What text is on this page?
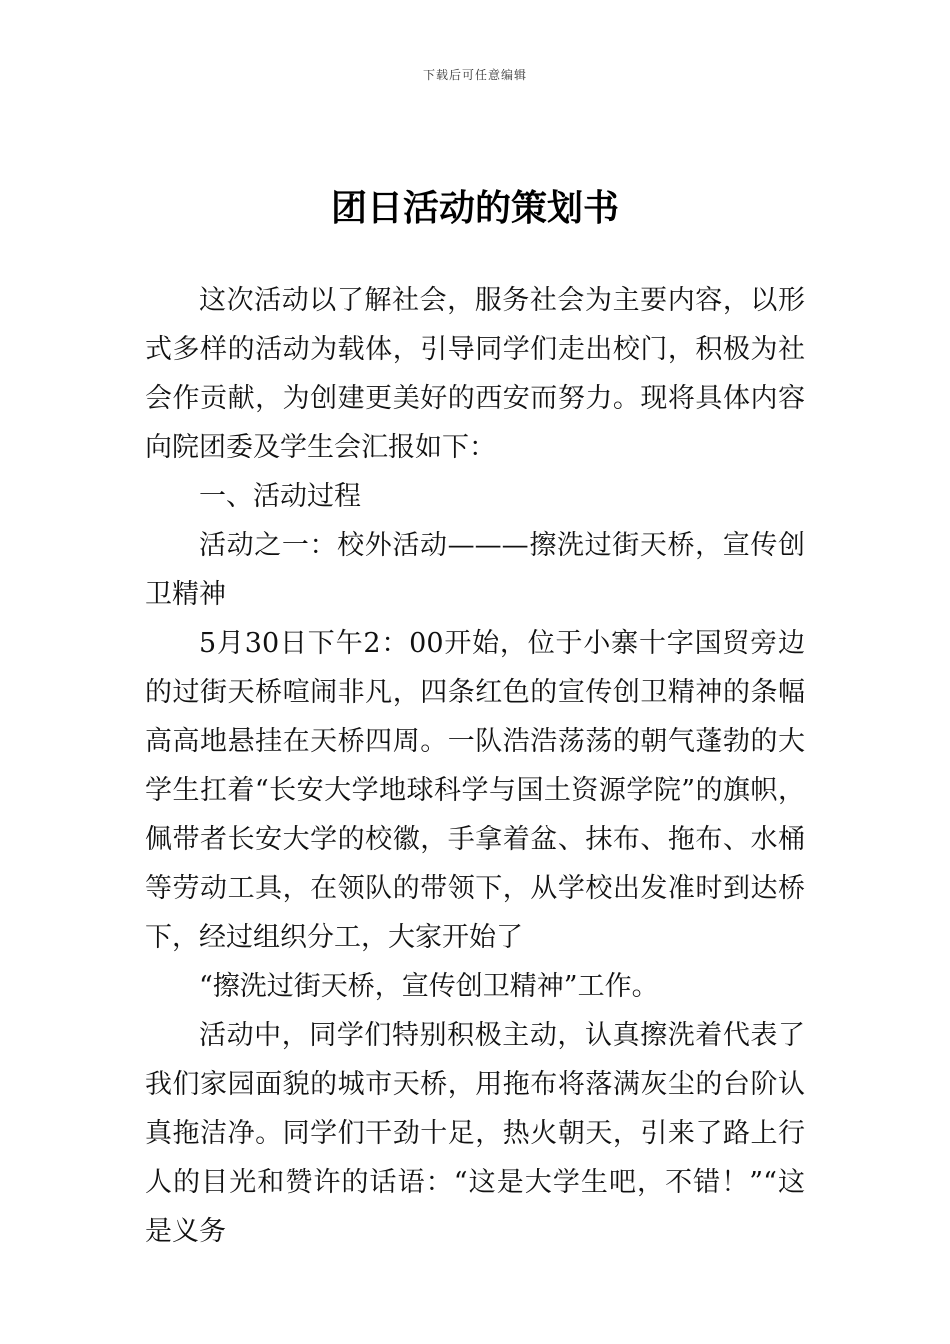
下载后可任意编辑
团日活动的策划书

这次活动以了解社会，服务社会为主要内容，以形式多样的活动为载体，引导同学们走出校门，积极为社会作贡献，为创建更美好的西安而努力。现将具体内容向院团委及学生会汇报如下：

一、活动过程

活动之一：校外活动———擦洗过街天桥，宣传创卫精神

5月30日下午2：00开始，位于小寨十字国贸旁边的过街天桥喧闹非凡，四条红色的宣传创卫精神的条幅高高地悬挂在天桥四周。一队浩浩荡荡的朝气蓬勃的大学生扛着“长安大学地球科学与国土资源学院”的旗帜，佩带者长安大学的校徽，手拿着盆、抹布、拖布、水桶等劳动工具，在领队的带领下，从学校出发准时到达桥下，经过组织分工，大家开始了

“擦洗过街天桥，宣传创卫精神”工作。

活动中，同学们特别积极主动，认真擦洗着代表了我们家园面貌的城市天桥，用拖布将落满灰尘的台阶认真拖洁净。同学们干劲十足，热火朝天，引来了路上行人的目光和赞许的话语：“这是大学生吧，不错！”“这是义务
